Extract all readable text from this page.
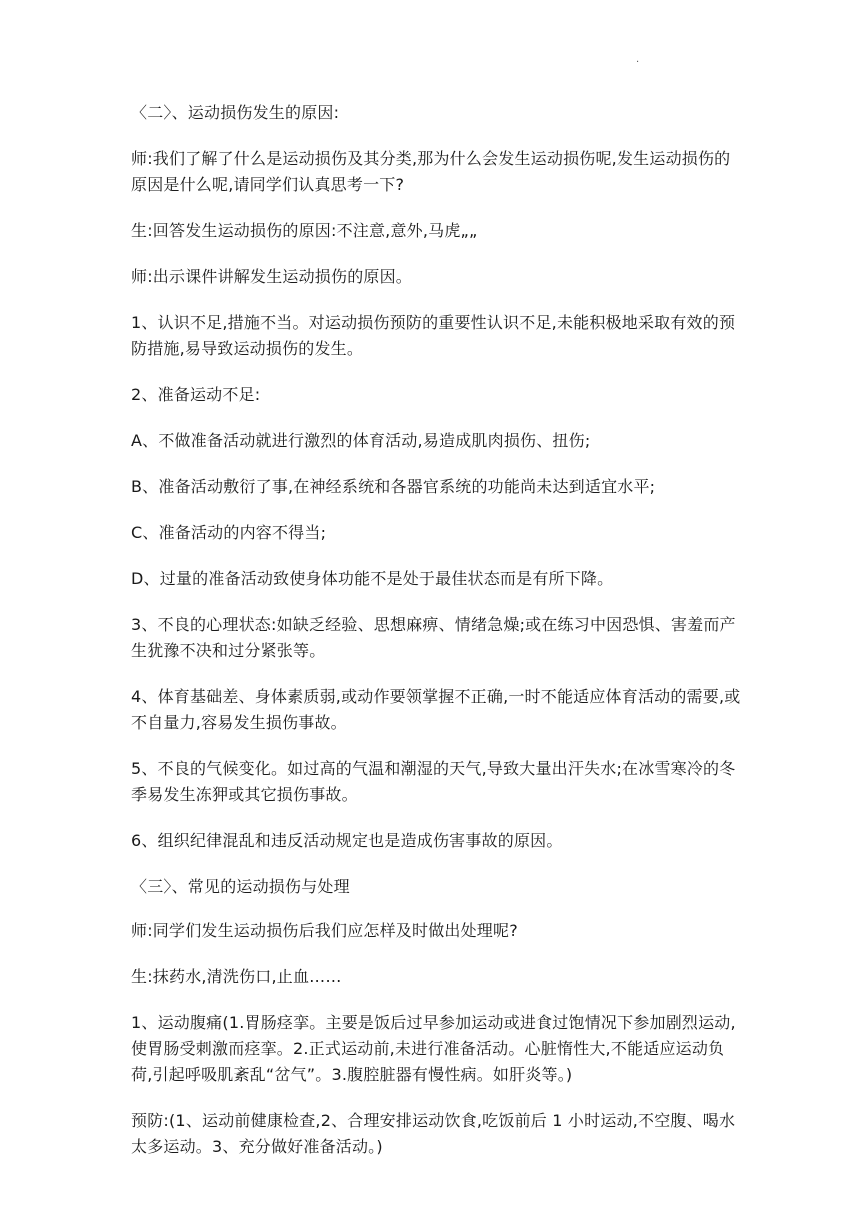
.

〈二〉、运动损伤发生的原因:

师:我们了解了什么是运动损伤及其分类,那为什么会发生运动损伤呢,发生运动损伤的原因是什么呢,请同学们认真思考一下?

生:回答发生运动损伤的原因:不注意,意外,马虎„„

师:出示课件讲解发生运动损伤的原因。

1、认识不足,措施不当。对运动损伤预防的重要性认识不足,未能积极地采取有效的预防措施,易导致运动损伤的发生。

2、准备运动不足:

A、不做准备活动就进行激烈的体育活动,易造成肌肉损伤、扭伤;

B、准备活动敷衍了事,在神经系统和各器官系统的功能尚未达到适宜水平;

C、准备活动的内容不得当;

D、过量的准备活动致使身体功能不是处于最佳状态而是有所下降。

3、不良的心理状态:如缺乏经验、思想麻痹、情绪急燥;或在练习中因恐惧、害羞而产生犹豫不决和过分紧张等。

4、体育基础差、身体素质弱,或动作要领掌握不正确,一时不能适应体育活动的需要,或不自量力,容易发生损伤事故。

5、不良的气候变化。如过高的气温和潮湿的天气,导致大量出汗失水;在冰雪寒冷的冬季易发生冻狎或其它损伤事故。

6、组织纪律混乱和违反活动规定也是造成伤害事故的原因。

〈三〉、常见的运动损伤与处理

师:同学们发生运动损伤后我们应怎样及时做出处理呢?

生:抹药水,清洗伤口,止血……

1、运动腹痛(1.胃肠痉挛。主要是饭后过早参加运动或进食过饱情况下参加剧烈运动,使胃肠受刺激而痉挛。2.正式运动前,未进行准备活动。心脏惰性大,不能适应运动负荷,引起呼吸肌紊乱“岔气”。3.腹腔脏器有慢性病。如肝炎等。)

预防:(1、运动前健康检查,2、合理安排运动饮食,吃饭前后 1 小时运动,不空腹、喝水太多运动。3、充分做好准备活动。)
